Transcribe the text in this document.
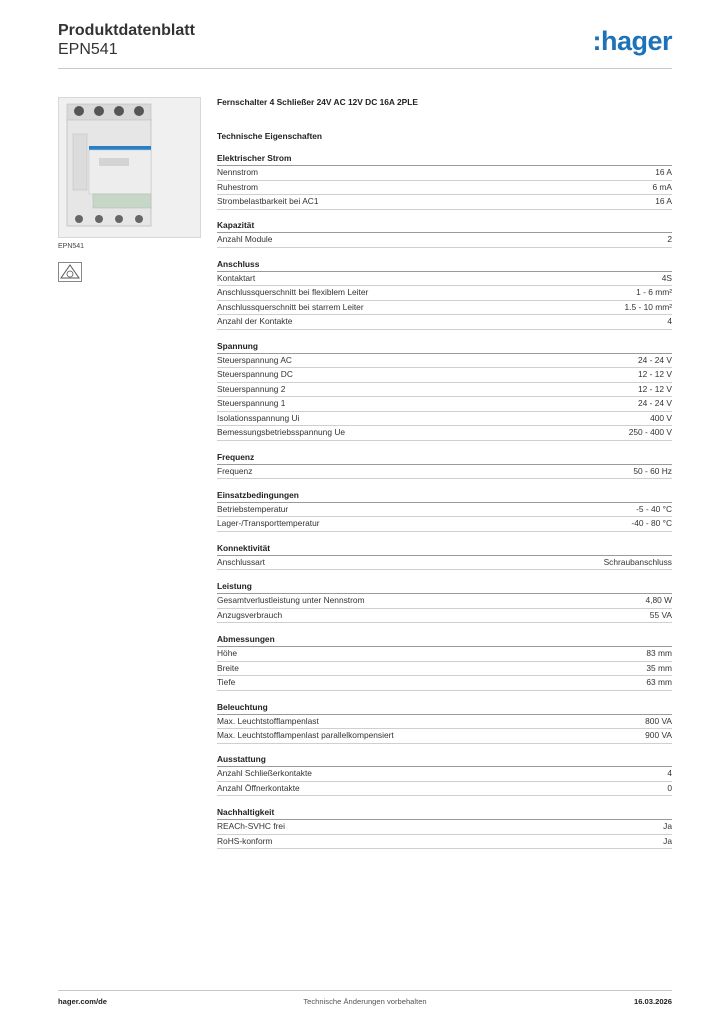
Produktdatenblatt
EPN541	:hager
EPN541
Fernschalter 4 Schließer 24V AC 12V DC 16A 2PLE
Technische Eigenschaften
Elektrischer Strom
Nennstrom	16 A
Ruhestrom	6 mA
Strombelastbarkeit bei AC1	16 A
Kapazität
Anzahl Module	2
Anschluss
Kontaktart	4S
Anschlussquerschnitt bei flexiblem Leiter	1 - 6 mm²
Anschlussquerschnitt bei starrem Leiter	1.5 - 10 mm²
Anzahl der Kontakte	4
Spannung
Steuerspannung AC	24 - 24 V
Steuerspannung DC	12 - 12 V
Steuerspannung 2	12 - 12 V
Steuerspannung 1	24 - 24 V
Isolationsspannung Ui	400 V
Bemessungsbetriebsspannung Ue	250 - 400 V
Frequenz
Frequenz	50 - 60 Hz
Einsatzbedingungen
Betriebstemperatur	-5 - 40 °C
Lager-/Transporttemperatur	-40 - 80 °C
Konnektivität
Anschlussart	Schraubanschluss
Leistung
Gesamtverlustleistung unter Nennstrom	4,80 W
Anzugsverbrauch	55 VA
Abmessungen
Höhe	83 mm
Breite	35 mm
Tiefe	63 mm
Beleuchtung
Max. Leuchtstofflampenlast	800 VA
Max. Leuchtstofflampenlast parallelkompensiert	900 VA
Ausstattung
Anzahl Schließerkontakte	4
Anzahl Öffnerkontakte	0
Nachhaltigkeit
REACh-SVHC frei	Ja
RoHS-konform	Ja
hager.com/de	Technische Änderungen vorbehalten	16.03.2026
